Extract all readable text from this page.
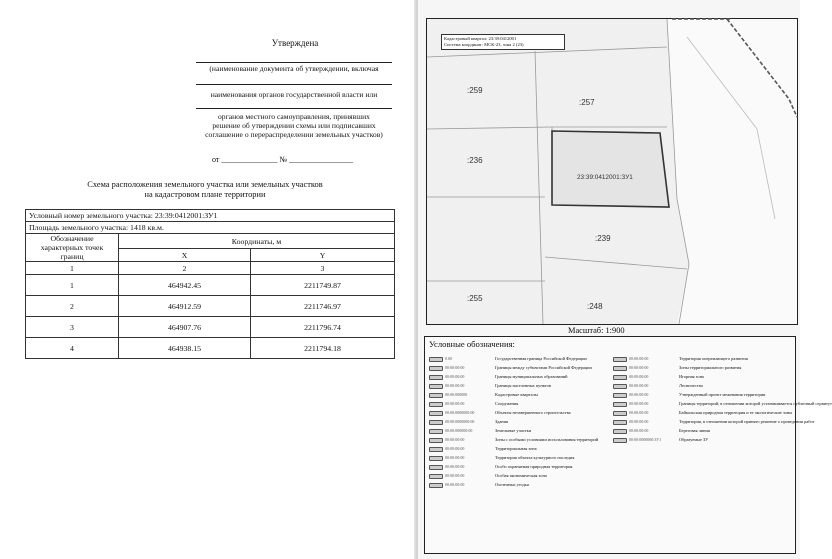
Утверждена
(наименование документа об утверждении, включая
наименования органов государственной власти или
органов местного самоуправления, принявших
решение об утверждении схемы или подписавших
соглашение о перераспределении земельных участков)
от ______________ № ________________
Схема расположения земельного участка или земельных участков
на кадастровом плане территории
Условный номер земельного участка: 23:39:0412001:ЗУ1		
Площадь земельного участка: 1418 кв.м.		
Обозначение характерных точек границ	Координаты, м	
	X	Y
1	2	3
1	464942.45	2211749.87
2	464912.59	2211746.97
3	464907.76	2211796.74
4	464938.15	2211794.18
Кадастровый квартал: 23:39:0412001
Система координат: МСК-23, зона 2 (23)
:259
:257
:236
23:39:0412001:ЗУ1
:239
:255
:248
Масштаб: 1:900
Условные обозначения:
0.00	Государственная граница Российской Федерации
00:00:00:00	Границы между субъектами Российской Федерации
00:00:00:00	Границы муниципальных образований
00:00:00:00	Границы населенных пунктов
00:00:000000	Кадастровые кварталы
00:00:00:00	Сооружения
00:00:0000000:00	Объекты незавершенного строительства
00:00:0000000:00	Здания
00:00:000000:00	Земельные участки
00:00:00:00	Зоны с особыми условиями использования территорий
00:00:00:00	Территориальная зона
00:00:00:00	Территория объекта культурного наследия
00:00:00:00	Особо охраняемая природная территория
00:00:00:00	Особая экономическая зона
00:00:00:00	Охотничьи угодья
00:00:00:00	Территория опережающего развития
00:00:00:00	Зоны территориального развития
00:00:00:00	Игорная зона
00:00:00:00	Лесничество
00:00:00:00	Утвержденный проект межевания территории
00:00:00:00	Границы территорий, в отношении которой устанавливается публичный сервитут
00:00:00:00	Байкальская природная территория и ее экологические зоны
00:00:00:00	Территория, в отношении которой принято решение о проведении работ
00:00:00:00	Береговая линия
00:00:0000000:ЗУ1	Образуемые ЗУ
